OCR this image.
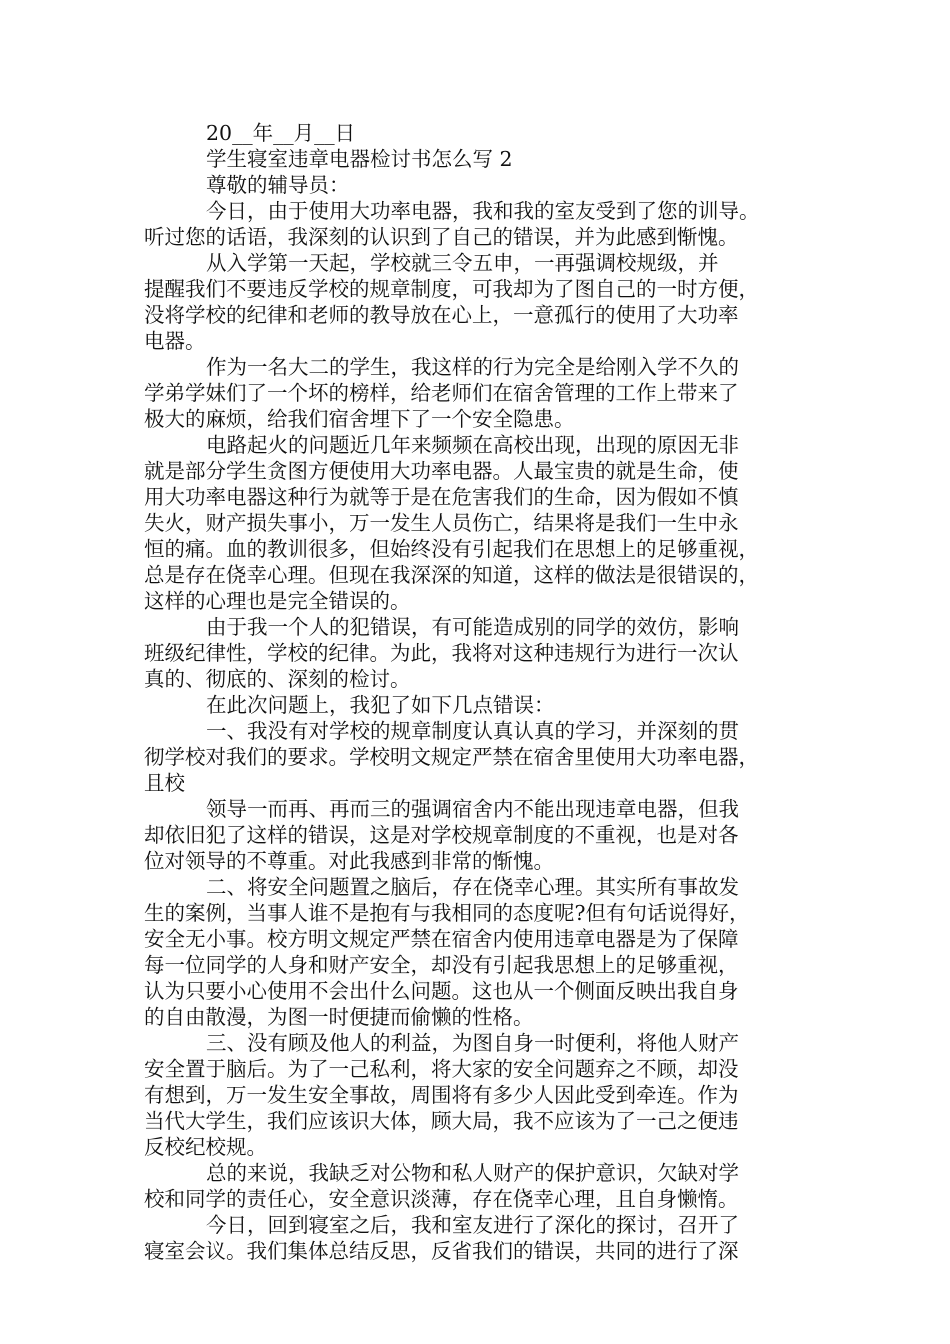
20__年__月__日
学生寝室违章电器检讨书怎么写 2
尊敬的辅导员：
今日，由于使用大功率电器，我和我的室友受到了您的训导。
听过您的话语，我深刻的认识到了自己的错误，并为此感到惭愧。
从入学第一天起，学校就三令五申，一再强调校规级，并
提醒我们不要违反学校的规章制度，可我却为了图自己的一时方便，
没将学校的纪律和老师的教导放在心上，一意孤行的使用了大功率
电器。
作为一名大二的学生，我这样的行为完全是给刚入学不久的
学弟学妹们了一个坏的榜样，给老师们在宿舍管理的工作上带来了
极大的麻烦，给我们宿舍埋下了一个安全隐患。
电路起火的问题近几年来频频在高校出现，出现的原因无非
就是部分学生贪图方便使用大功率电器。人最宝贵的就是生命，使
用大功率电器这种行为就等于是在危害我们的生命，因为假如不慎
失火，财产损失事小，万一发生人员伤亡，结果将是我们一生中永
恒的痛。血的教训很多，但始终没有引起我们在思想上的足够重视，
总是存在侥幸心理。但现在我深深的知道，这样的做法是很错误的，
这样的心理也是完全错误的。
由于我一个人的犯错误，有可能造成别的同学的效仿，影响
班级纪律性，学校的纪律。为此，我将对这种违规行为进行一次认
真的、彻底的、深刻的检讨。
在此次问题上，我犯了如下几点错误：
一、我没有对学校的规章制度认真认真的学习，并深刻的贯
彻学校对我们的要求。学校明文规定严禁在宿舍里使用大功率电器，
且校
领导一而再、再而三的强调宿舍内不能出现违章电器，但我
却依旧犯了这样的错误，这是对学校规章制度的不重视，也是对各
位对领导的不尊重。对此我感到非常的惭愧。
二、将安全问题置之脑后，存在侥幸心理。其实所有事故发
生的案例，当事人谁不是抱有与我相同的态度呢?但有句话说得好，
安全无小事。校方明文规定严禁在宿舍内使用违章电器是为了保障
每一位同学的人身和财产安全，却没有引起我思想上的足够重视，
认为只要小心使用不会出什么问题。这也从一个侧面反映出我自身
的自由散漫，为图一时便捷而偷懒的性格。
三、没有顾及他人的利益，为图自身一时便利，将他人财产
安全置于脑后。为了一己私利，将大家的安全问题弃之不顾，却没
有想到，万一发生安全事故，周围将有多少人因此受到牵连。作为
当代大学生，我们应该识大体，顾大局，我不应该为了一己之便违
反校纪校规。
总的来说，我缺乏对公物和私人财产的保护意识，欠缺对学
校和同学的责任心，安全意识淡薄，存在侥幸心理，且自身懒惰。
今日，回到寝室之后，我和室友进行了深化的探讨，召开了
寝室会议。我们集体总结反思，反省我们的错误，共同的进行了深
